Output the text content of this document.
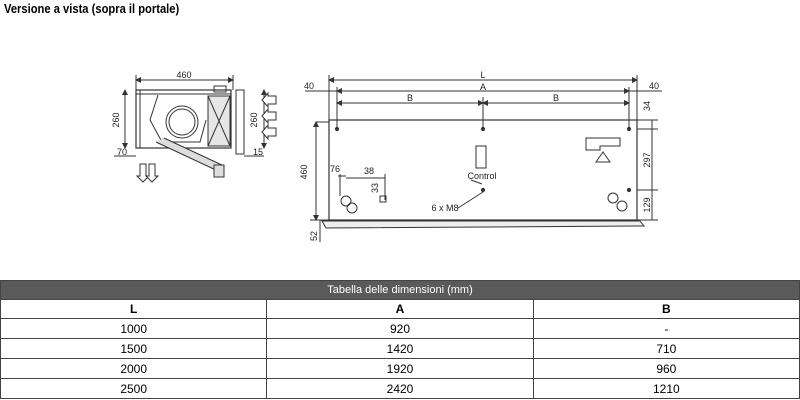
Versione a vista (sopra il portale)
460
260	260
70	15
L
A
B	B
40	40
460 76	38
33
52
34
297
129
Control
6 x M8
Tabella delle dimensioni (mm)		
L	A	B
1000	920	-
1500	1420	710
2000	1920	960
2500	2420	1210
